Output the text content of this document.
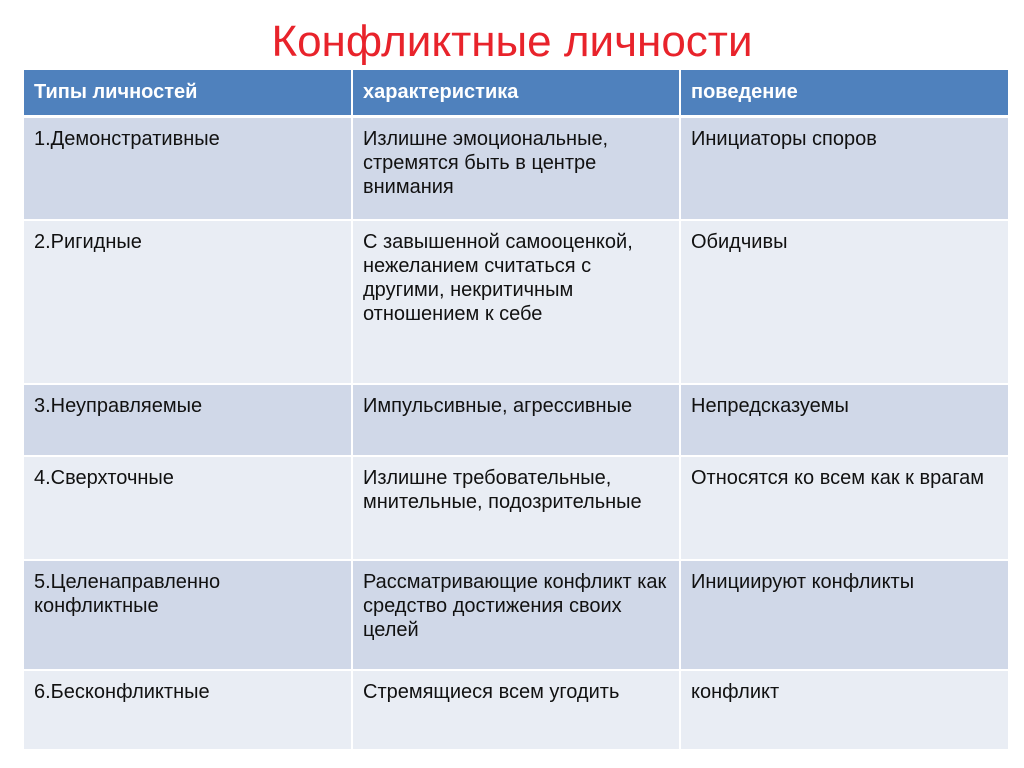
Конфликтные личности
Типы личностей	характеристика	поведение
1.Демонстративные	Излишне эмоциональные, стремятся быть в центре внимания	Инициаторы споров
2.Ригидные	С завышенной самооценкой, нежеланием считаться с другими, некритичным отношением к себе	Обидчивы
3.Неуправляемые	Импульсивные, агрессивные	Непредсказуемы
4.Сверхточные	Излишне требовательные, мнительные, подозрительные	Относятся ко всем как к врагам
5.Целенаправленно конфликтные	Рассматривающие конфликт как средство достижения своих целей	Инициируют конфликты
6.Бесконфликтные	Стремящиеся всем угодить	конфликт
